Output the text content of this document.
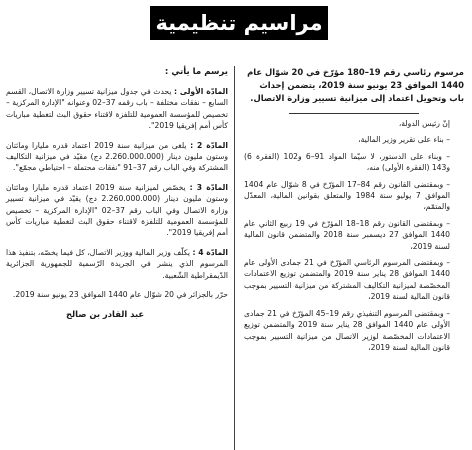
مراسيم تنظيمية
مرسوم رئاسي رقم 19–180 مؤرّخ في 20 شوّال عام 1440 الموافق 23 يونيو سنة 2019، يتضمن إحداث باب وتحويل اعتماد إلى ميزانية تسيير وزارة الاتصال.
إنّ رئيس الدولة،
– بناء على تقرير وزير المالية،
– وبناء على الدستور، لا سيّما المواد 91–6 و102 (الفقرة 6) و143 (الفقرة الأولى) منه،
– وبمقتضى القانون رقم 84–17 المؤرّخ في 8 شوّال عام 1404 الموافق 7 يوليو سنة 1984 والمتعلق بقوانين المالية، المعدّل والمتمّم،
– وبمقتضى القانون رقم 18–18 المؤرّخ في 19 ربيع الثاني عام 1440 الموافق 27 ديسمبر سنة 2018 والمتضمن قانون المالية لسنة 2019،
– وبمقتضى المرسوم الرئاسي المؤرّخ في 21 جمادى الأولى عام 1440 الموافق 28 يناير سنة 2019 والمتضمن توزيع الاعتمادات المخصّصة لميزانية التكاليف المشتركة من ميزانية التسيير بموجب قانون المالية لسنة 2019،
– وبمقتضى المرسوم التنفيذي رقم 19–45 المؤرّخ في 21 جمادى الأولى عام 1440 الموافق 28 يناير سنة 2019 والمتضمن توزيع الاعتمادات المخصّصة لوزير الاتصال من ميزانية التسيير بموجب قانون المالية لسنة 2019،
يرسم ما يأتي :
المادّة الأولى : يحدث في جدول ميزانية تسيير وزارة الاتصال، القسم السابع – نفقات مختلفة – باب رقمه 37–02 وعنوانه "الإدارة المركزية – تخصيص للمؤسسة العمومية للتلفزة لاقتناء حقوق البث لتغطية مباريات كأس أمم إفريقيا 2019".
المادّة 2 : يلغى من ميزانية سنة 2019 اعتماد قدره مليارا ومائتان وستون مليون دينار (2.260.000.000 دج) مقيّد في ميزانية التكاليف المشتركة وفي الباب رقم 37–91 "نفقات محتملة – احتياطي مجمّع".
المادّة 3 : يخصّص لميزانية سنة 2019 اعتماد قدره مليارا ومائتان وستون مليون دينار (2.260.000.000 دج) يقيّد في ميزانية تسيير وزارة الاتصال وفي الباب رقم 37–02 "الإدارة المركزية – تخصيص للمؤسسة العمومية للتلفزة لاقتناء حقوق البث لتغطية مباريات كأس أمم إفريقيا 2019".
المادّة 4 : يكلّف وزير المالية ووزير الاتصال، كل فيما يخصّه، بتنفيذ هذا المرسوم الذي ينشر في الجريدة الرّسمية للجمهورية الجزائرية الدّيمقراطية الشّعبية.
حرّر بالجزائر في 20 شوّال عام 1440 الموافق 23 يونيو سنة 2019.
عبد القادر بن صالح
